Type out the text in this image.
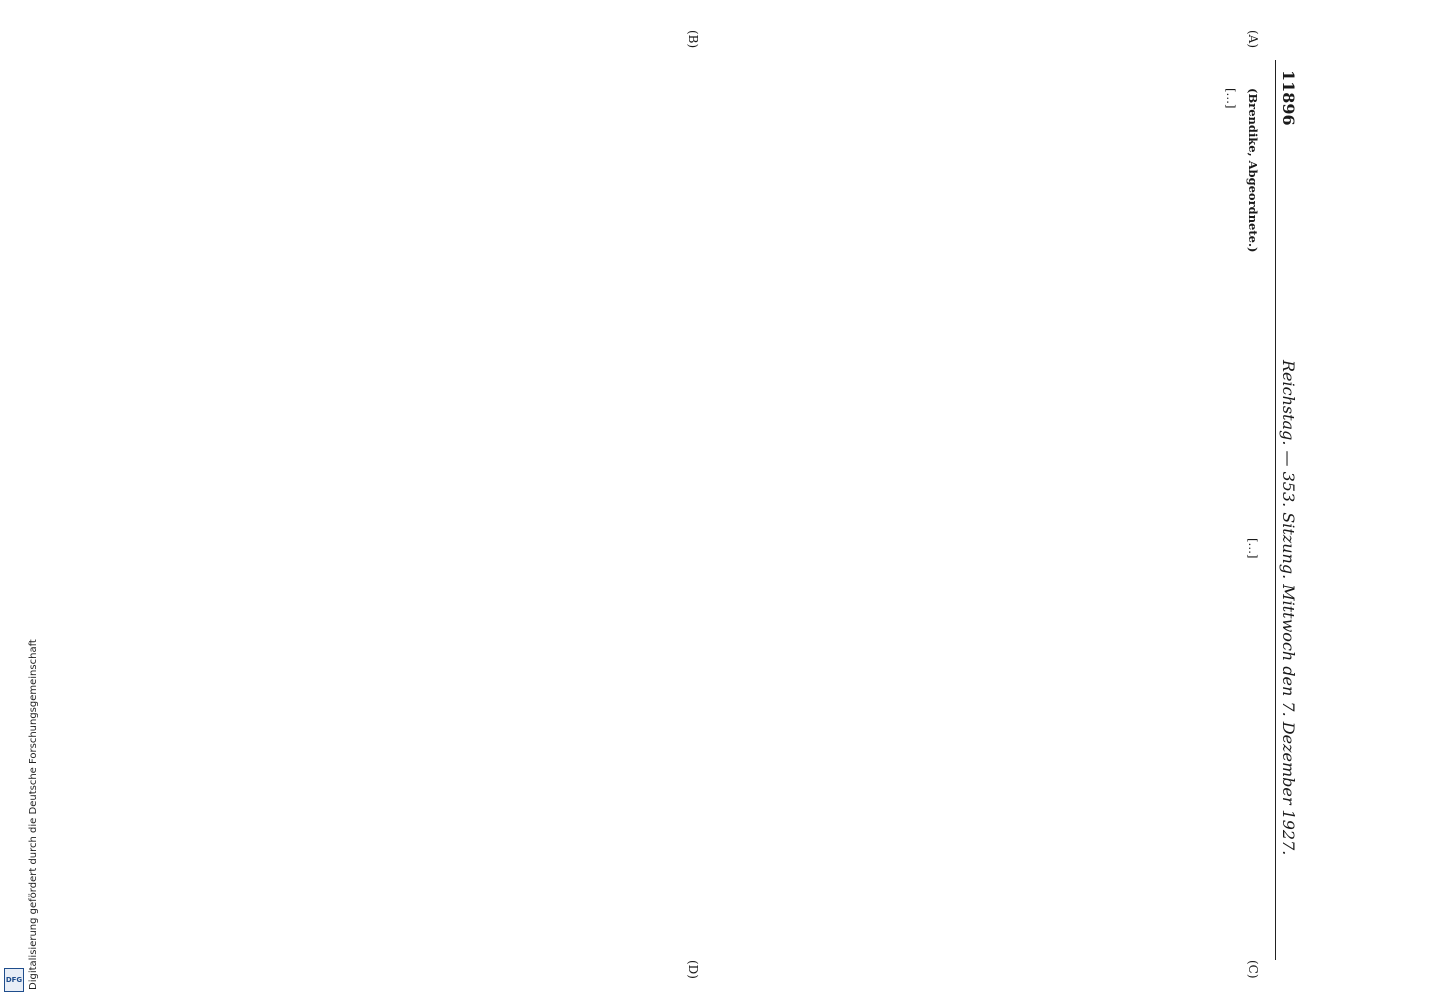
DFG Digitalisierung gefördert durch die Deutsche Forschungsgemeinschaft
11896
Reichstag. — 353. Sitzung. Mittwoch den 7. Dezember 1927.
(A)
(B)
(C)
(D)

(Brendike, Abgeordnete.)

[…]

[…]
